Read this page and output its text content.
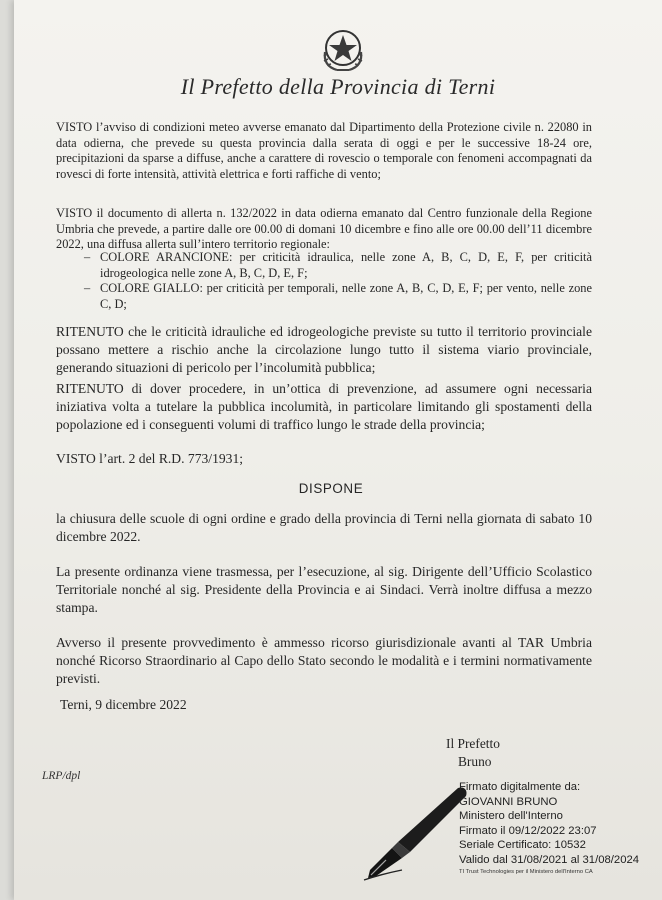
Il Prefetto della Provincia di Terni

VISTO l’avviso di condizioni meteo avverse emanato dal Dipartimento della Protezione civile n. 22080 in data odierna, che prevede su questa provincia dalla serata di oggi e per le successive 18-24 ore, precipitazioni da sparse a diffuse, anche a carattere di rovescio o temporale con fenomeni accompagnati da rovesci di forte intensità, attività elettrica e forti raffiche di vento;

VISTO il documento di allerta n. 132/2022 in data odierna emanato dal Centro funzionale della Regione Umbria che prevede, a partire dalle ore 00.00 di domani 10 dicembre e fino alle ore 00.00 dell’11 dicembre 2022, una diffusa allerta sull’intero territorio regionale:

– COLORE ARANCIONE: per criticità idraulica, nelle zone A, B, C, D, E, F, per criticità idrogeologica nelle zone A, B, C, D, E, F;
– COLORE GIALLO: per criticità per temporali, nelle zone A, B, C, D, E, F; per vento, nelle zone C, D;

RITENUTO che le criticità idrauliche ed idrogeologiche previste su tutto il territorio provinciale possano mettere a rischio anche la circolazione lungo tutto il sistema viario provinciale, generando situazioni di pericolo per l’incolumità pubblica;

RITENUTO di dover procedere, in un’ottica di prevenzione, ad assumere ogni necessaria iniziativa volta a tutelare la pubblica incolumità, in particolare limitando gli spostamenti della popolazione ed i conseguenti volumi di traffico lungo le strade della provincia;

VISTO l’art. 2 del R.D. 773/1931;

DISPONE

la chiusura delle scuole di ogni ordine e grado della provincia di Terni nella giornata di sabato 10 dicembre 2022.

La presente ordinanza viene trasmessa, per l’esecuzione, al sig. Dirigente dell’Ufficio Scolastico Territoriale nonché al sig. Presidente della Provincia e ai Sindaci. Verrà inoltre diffusa a mezzo stampa.

Avverso il presente provvedimento è ammesso ricorso giurisdizionale avanti al TAR Umbria nonché Ricorso Straordinario al Capo dello Stato secondo le modalità e i termini normativamente previsti.

Terni, 9 dicembre 2022
Il Prefetto
Bruno
LRP/dpl
Firmato digitalmente da:
GIOVANNI BRUNO
Ministero dell'Interno
Firmato il 09/12/2022 23:07
Seriale Certificato: 10532
Valido dal 31/08/2021 al 31/08/2024
TI Trust Technologies per il Ministero dell'Interno CA
